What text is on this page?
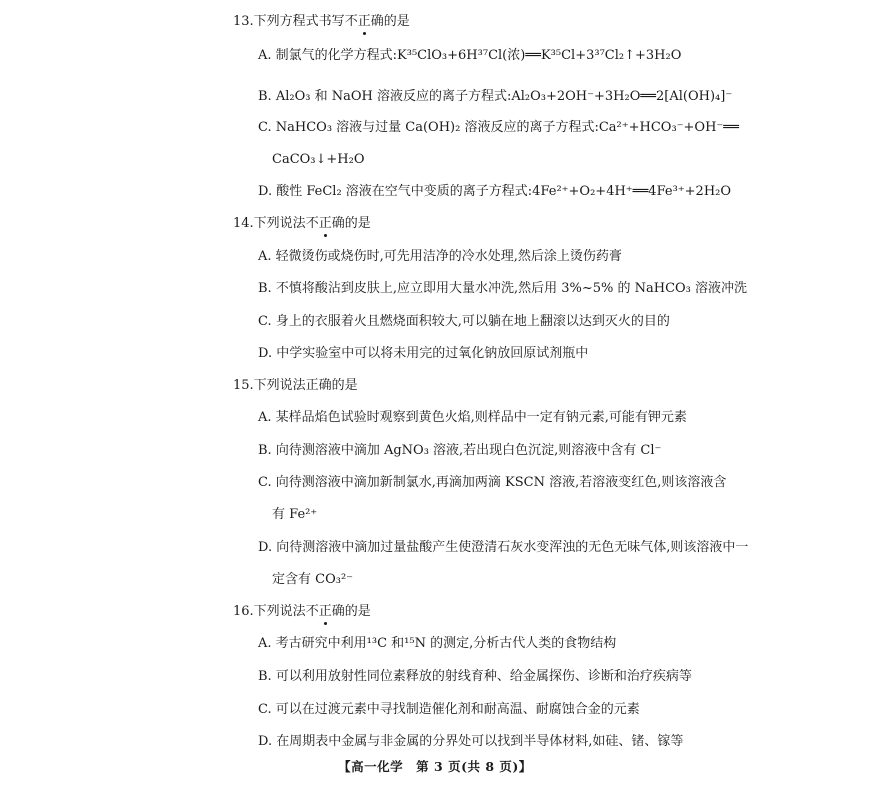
13.下列方程式书写不正确的是
A. 制氯气的化学方程式:K³⁵ClO₃+6H³⁷Cl(浓)══K³⁵Cl+3³⁷Cl₂↑+3H₂O
B. Al₂O₃ 和 NaOH 溶液反应的离子方程式:Al₂O₃+2OH⁻+3H₂O══2[Al(OH)₄]⁻
C. NaHCO₃ 溶液与过量 Ca(OH)₂ 溶液反应的离子方程式:Ca²⁺+HCO₃⁻+OH⁻══
CaCO₃↓+H₂O
D. 酸性 FeCl₂ 溶液在空气中变质的离子方程式:4Fe²⁺+O₂+4H⁺══4Fe³⁺+2H₂O
14.下列说法不正确的是
A. 轻微烫伤或烧伤时,可先用洁净的冷水处理,然后涂上烫伤药膏
B. 不慎将酸沾到皮肤上,应立即用大量水冲洗,然后用 3%~5% 的 NaHCO₃ 溶液冲洗
C. 身上的衣服着火且燃烧面积较大,可以躺在地上翻滚以达到灭火的目的
D. 中学实验室中可以将未用完的过氧化钠放回原试剂瓶中
15.下列说法正确的是
A. 某样品焰色试验时观察到黄色火焰,则样品中一定有钠元素,可能有钾元素
B. 向待测溶液中滴加 AgNO₃ 溶液,若出现白色沉淀,则溶液中含有 Cl⁻
C. 向待测溶液中滴加新制氯水,再滴加两滴 KSCN 溶液,若溶液变红色,则该溶液含
有 Fe²⁺
D. 向待测溶液中滴加过量盐酸产生使澄清石灰水变浑浊的无色无味气体,则该溶液中一
定含有 CO₃²⁻
16.下列说法不正确的是
A. 考古研究中利用¹³C 和¹⁵N 的测定,分析古代人类的食物结构
B. 可以利用放射性同位素释放的射线育种、给金属探伤、诊断和治疗疾病等
C. 可以在过渡元素中寻找制造催化剂和耐高温、耐腐蚀合金的元素
D. 在周期表中金属与非金属的分界处可以找到半导体材料,如硅、锗、镓等
【高一化学　第 3 页(共 8 页)】
